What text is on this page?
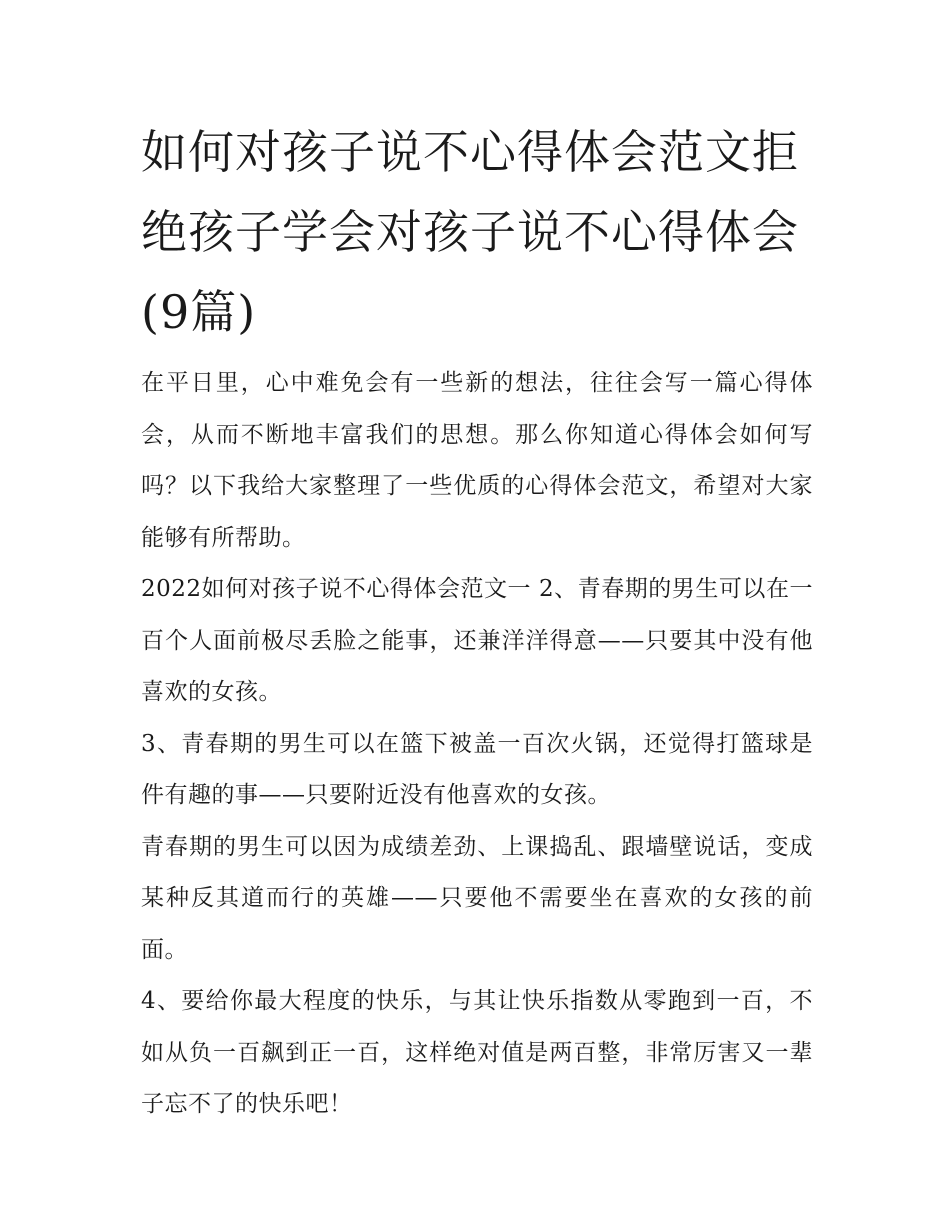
如何对孩子说不心得体会范文拒绝孩子学会对孩子说不心得体会(9篇)

在平日里，心中难免会有一些新的想法，往往会写一篇心得体会，从而不断地丰富我们的思想。那么你知道心得体会如何写吗？以下我给大家整理了一些优质的心得体会范文，希望对大家能够有所帮助。

2022如何对孩子说不心得体会范文一 2、青春期的男生可以在一百个人面前极尽丢脸之能事，还兼洋洋得意——只要其中没有他喜欢的女孩。

3、青春期的男生可以在篮下被盖一百次火锅，还觉得打篮球是件有趣的事——只要附近没有他喜欢的女孩。

青春期的男生可以因为成绩差劲、上课捣乱、跟墙壁说话，变成某种反其道而行的英雄——只要他不需要坐在喜欢的女孩的前面。

4、要给你最大程度的快乐，与其让快乐指数从零跑到一百，不如从负一百飙到正一百，这样绝对值是两百整，非常厉害又一辈子忘不了的快乐吧！
